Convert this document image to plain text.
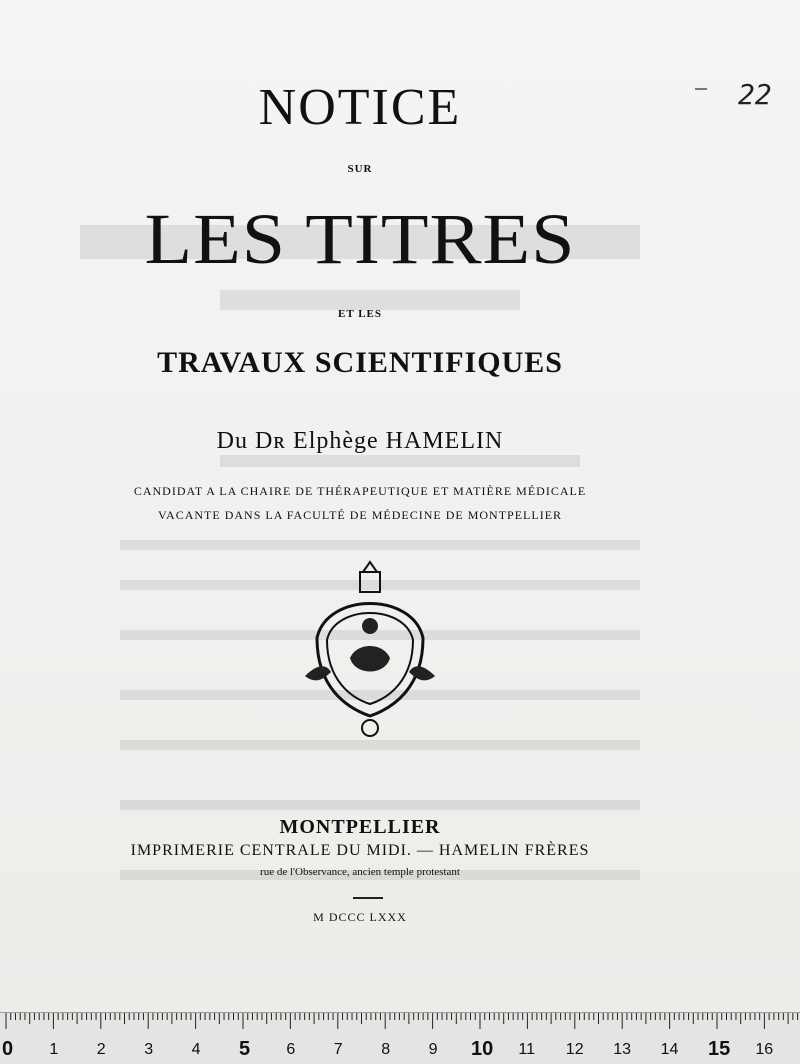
NOTICE
SUR
LES TITRES
ET LES
TRAVAUX SCIENTIFIQUES
Du Dʀ Elphège HAMELIN
CANDIDAT A LA CHAIRE DE THÉRAPEUTIQUE ET MATIÈRE MÉDICALE
VACANTE DANS LA FACULTÉ DE MÉDECINE DE MONTPELLIER
MONTPELLIER
IMPRIMERIE CENTRALE DU MIDI. — HAMELIN FRÈRES
rue de l'Observance, ancien temple protestant
M DCCC LXXX
22
0 1 2 3 4 5 6 7 8 9 10 11 12 13 14 15 16
